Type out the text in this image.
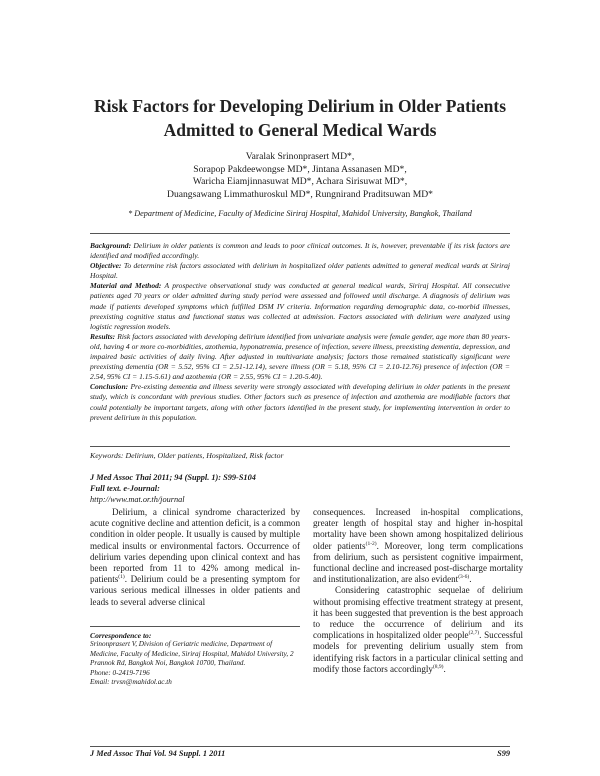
Risk Factors for Developing Delirium in Older Patients
Admitted to General Medical Wards
Varalak Srinonprasert MD*,
Sorapop Pakdeewongse MD*, Jintana Assanasen MD*,
Waricha Eiamjinnasuwat MD*, Achara Sirisuwat MD*,
Duangsawang Limmathuroskul MD*, Rungnirand Praditsuwan MD*
* Department of Medicine, Faculty of Medicine Siriraj Hospital, Mahidol University, Bangkok, Thailand

Background: Delirium in older patients is common and leads to poor clinical outcomes. It is, however, preventable if its risk factors are identified and modified accordingly.

Objective: To determine risk factors associated with delirium in hospitalized older patients admitted to general medical wards at Siriraj Hospital.

Material and Method: A prospective observational study was conducted at general medical wards, Siriraj Hospital. All consecutive patients aged 70 years or older admitted during study period were assessed and followed until discharge. A diagnosis of delirium was made if patients developed symptoms which fulfilled DSM IV criteria. Information regarding demographic data, co-morbid illnesses, preexisting cognitive status and functional status was collected at admission. Factors associated with delirium were analyzed using logistic regression models.

Results: Risk factors associated with developing delirium identified from univariate analysis were female gender, age more than 80 years-old, having 4 or more co-morbidities, azothemia, hyponatremia, presence of infection, severe illness, preexisting dementia, depression, and impaired basic activities of daily living. After adjusted in multivariate analysis; factors those remained statistically significant were preexisting dementia (OR = 5.52, 95% CI = 2.51-12.14), severe illness (OR = 5.18, 95% CI = 2.10-12.76) presence of infection (OR = 2.54, 95% CI = 1.15-5.61) and azothemia (OR = 2.55, 95% CI = 1.20-5.40).

Conclusion: Pre-existing dementia and illness severity were strongly associated with developing delirium in older patients in the present study, which is concordant with previous studies. Other factors such as presence of infection and azothemia are modifiable factors that could potentially be important targets, along with other factors identified in the present study, for implementing intervention in order to prevent delirium in this population.

Keywords: Delirium, Older patients, Hospitalized, Risk factor
J Med Assoc Thai 2011; 94 (Suppl. 1): S99-S104
Full text. e-Journal:
http://www.mat.or.th/journal

Delirium, a clinical syndrome characterized by acute cognitive decline and attention deficit, is a common condition in older people. It usually is caused by multiple medical insults or environmental factors. Occurrence of delirium varies depending upon clinical context and has been reported from 11 to 42% among medical in-patients$^{(1)}$. Delirium could be a presenting symptom for various serious medical illnesses in older patients and leads to several adverse clinical

consequences. Increased in-hospital complications, greater length of hospital stay and higher in-hospital mortality have been shown among hospitalized delirious older patients$^{(1-2)}$. Moreover, long term complications from delirium, such as persistent cognitive impairment, functional decline and increased post-discharge mortality and institutionalization, are also evident$^{(3-6)}$.

Considering catastrophic sequelae of delirium without promising effective treatment strategy at present, it has been suggested that prevention is the best approach to reduce the occurrence of delirium and its complications in hospitalized older people$^{(2,7)}$. Successful models for preventing delirium usually stem from identifying risk factors in a particular clinical setting and modify those factors accordingly$^{(8,9)}$.

Correspondence to:
Srinonprasert V, Division of Geriatric medicine, Department of Medicine, Faculty of Medicine, Siriraj Hospital, Mahidol University, 2 Prannok Rd, Bangkok Noi, Bangkok 10700, Thailand.
Phone: 0-2419-7196
Email: trvsn@mahidol.ac.th
J Med Assoc Thai Vol. 94 Suppl. 1 2011	S99
